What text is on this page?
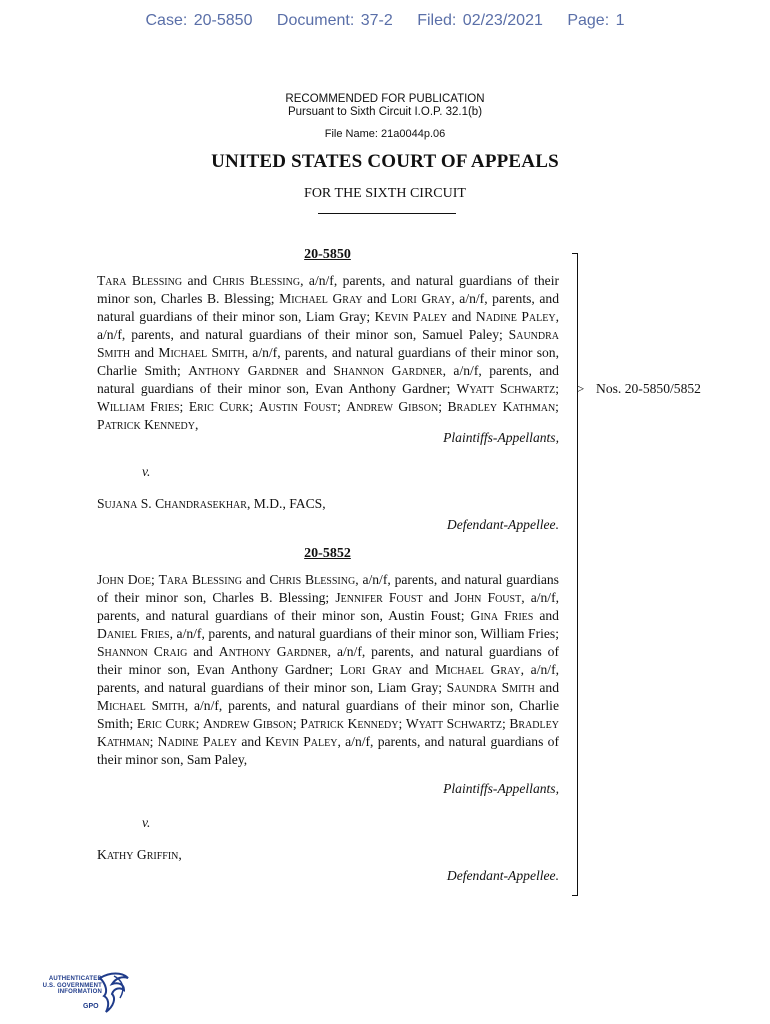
Case: 20-5850 Document: 37-2 Filed: 02/23/2021 Page: 1
RECOMMENDED FOR PUBLICATION
Pursuant to Sixth Circuit I.O.P. 32.1(b)
File Name: 21a0044p.06
UNITED STATES COURT OF APPEALS
FOR THE SIXTH CIRCUIT
20-5850
Tara Blessing and Chris Blessing, a/n/f, parents, and natural guardians of their minor son, Charles B. Blessing; Michael Gray and Lori Gray, a/n/f, parents, and natural guardians of their minor son, Liam Gray; Kevin Paley and Nadine Paley, a/n/f, parents, and natural guardians of their minor son, Samuel Paley; Saundra Smith and Michael Smith, a/n/f, parents, and natural guardians of their minor son, Charlie Smith; Anthony Gardner and Shannon Gardner, a/n/f, parents, and natural guardians of their minor son, Evan Anthony Gardner; Wyatt Schwartz; William Fries; Eric Curk; Austin Foust; Andrew Gibson; Bradley Kathman; Patrick Kennedy,
Plaintiffs-Appellants,
v.
Sujana S. Chandrasekhar, M.D., FACS,
Defendant-Appellee.
20-5852
John Doe; Tara Blessing and Chris Blessing, a/n/f, parents, and natural guardians of their minor son, Charles B. Blessing; Jennifer Foust and John Foust, a/n/f, parents, and natural guardians of their minor son, Austin Foust; Gina Fries and Daniel Fries, a/n/f, parents, and natural guardians of their minor son, William Fries; Shannon Craig and Anthony Gardner, a/n/f, parents, and natural guardians of their minor son, Evan Anthony Gardner; Lori Gray and Michael Gray, a/n/f, parents, and natural guardians of their minor son, Liam Gray; Saundra Smith and Michael Smith, a/n/f, parents, and natural guardians of their minor son, Charlie Smith; Eric Curk; Andrew Gibson; Patrick Kennedy; Wyatt Schwartz; Bradley Kathman; Nadine Paley and Kevin Paley, a/n/f, parents, and natural guardians of their minor son, Sam Paley,
Plaintiffs-Appellants,
v.
Kathy Griffin,
Defendant-Appellee.
> Nos. 20-5850/5852
AUTHENTICATED
U.S. GOVERNMENT
INFORMATION
GPO
